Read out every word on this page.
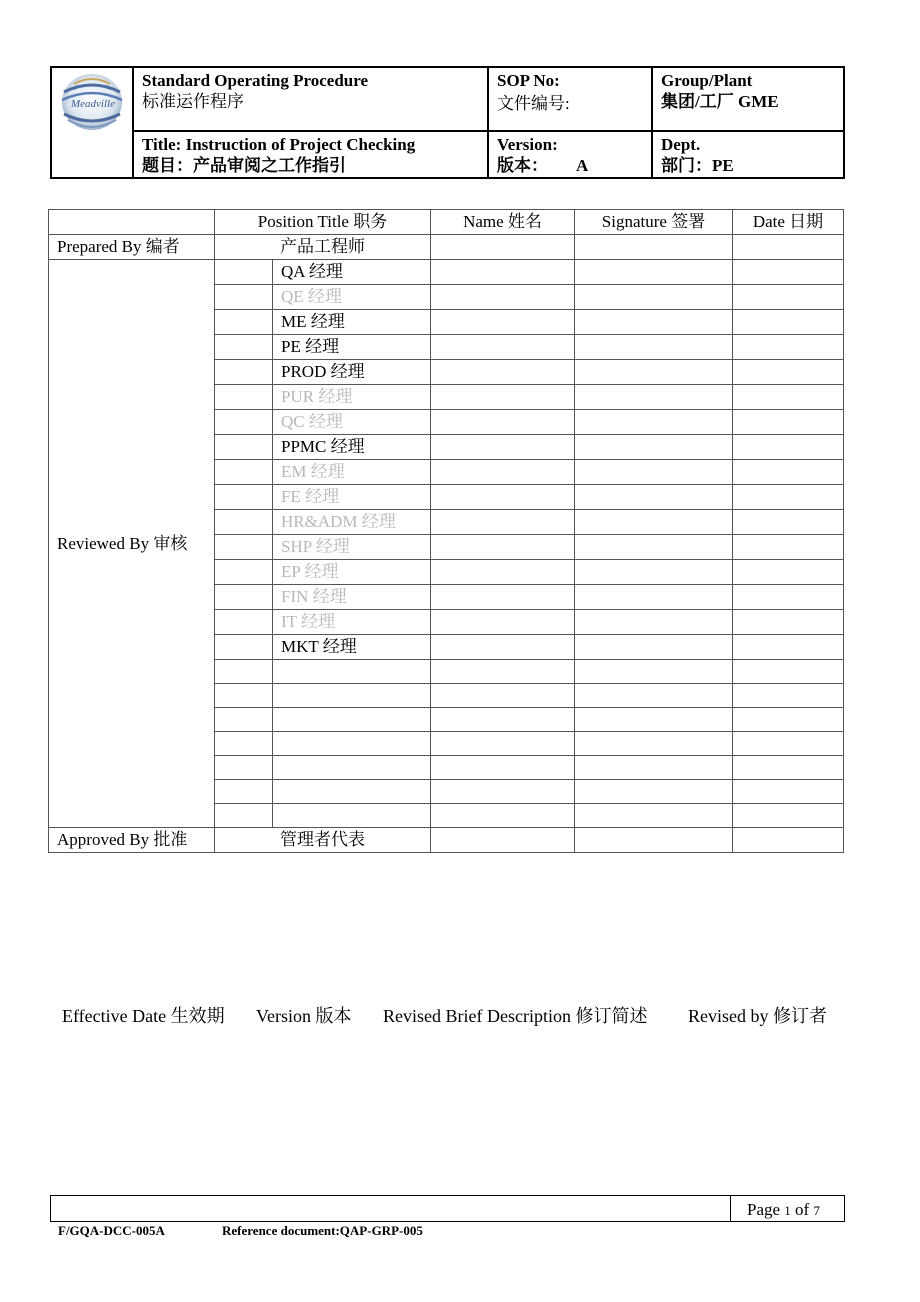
Meadville
Standard Operating Procedure
标准运作程序
SOP No:
文件编号:
Group/Plant
集团/工厂 GME
Title: Instruction of Project Checking
题目：产品审阅之工作指引
Version:
版本： A
Dept.
部门：PE
	Position Title 职务		Name 姓名	Signature 签署	Date 日期
Prepared By 编者	产品工程师				
Reviewed By 审核		QA 经理			
		QE 经理			
		ME 经理			
		PE 经理			
		PROD 经理			
		PUR 经理			
		QC 经理			
		PPMC 经理			
		EM 经理			
		FE 经理			
		HR&ADM 经理			
		SHP 经理			
		EP 经理			
		FIN 经理			
		IT 经理			
		MKT 经理			

Approved By 批准	管理者代表				
Effective Date 生效期 Version 版本 Revised Brief Description 修订简述 Revised by 修订者
Page 1 of 7
F/GQA-DCC-005A	Reference document:QAP-GRP-005
